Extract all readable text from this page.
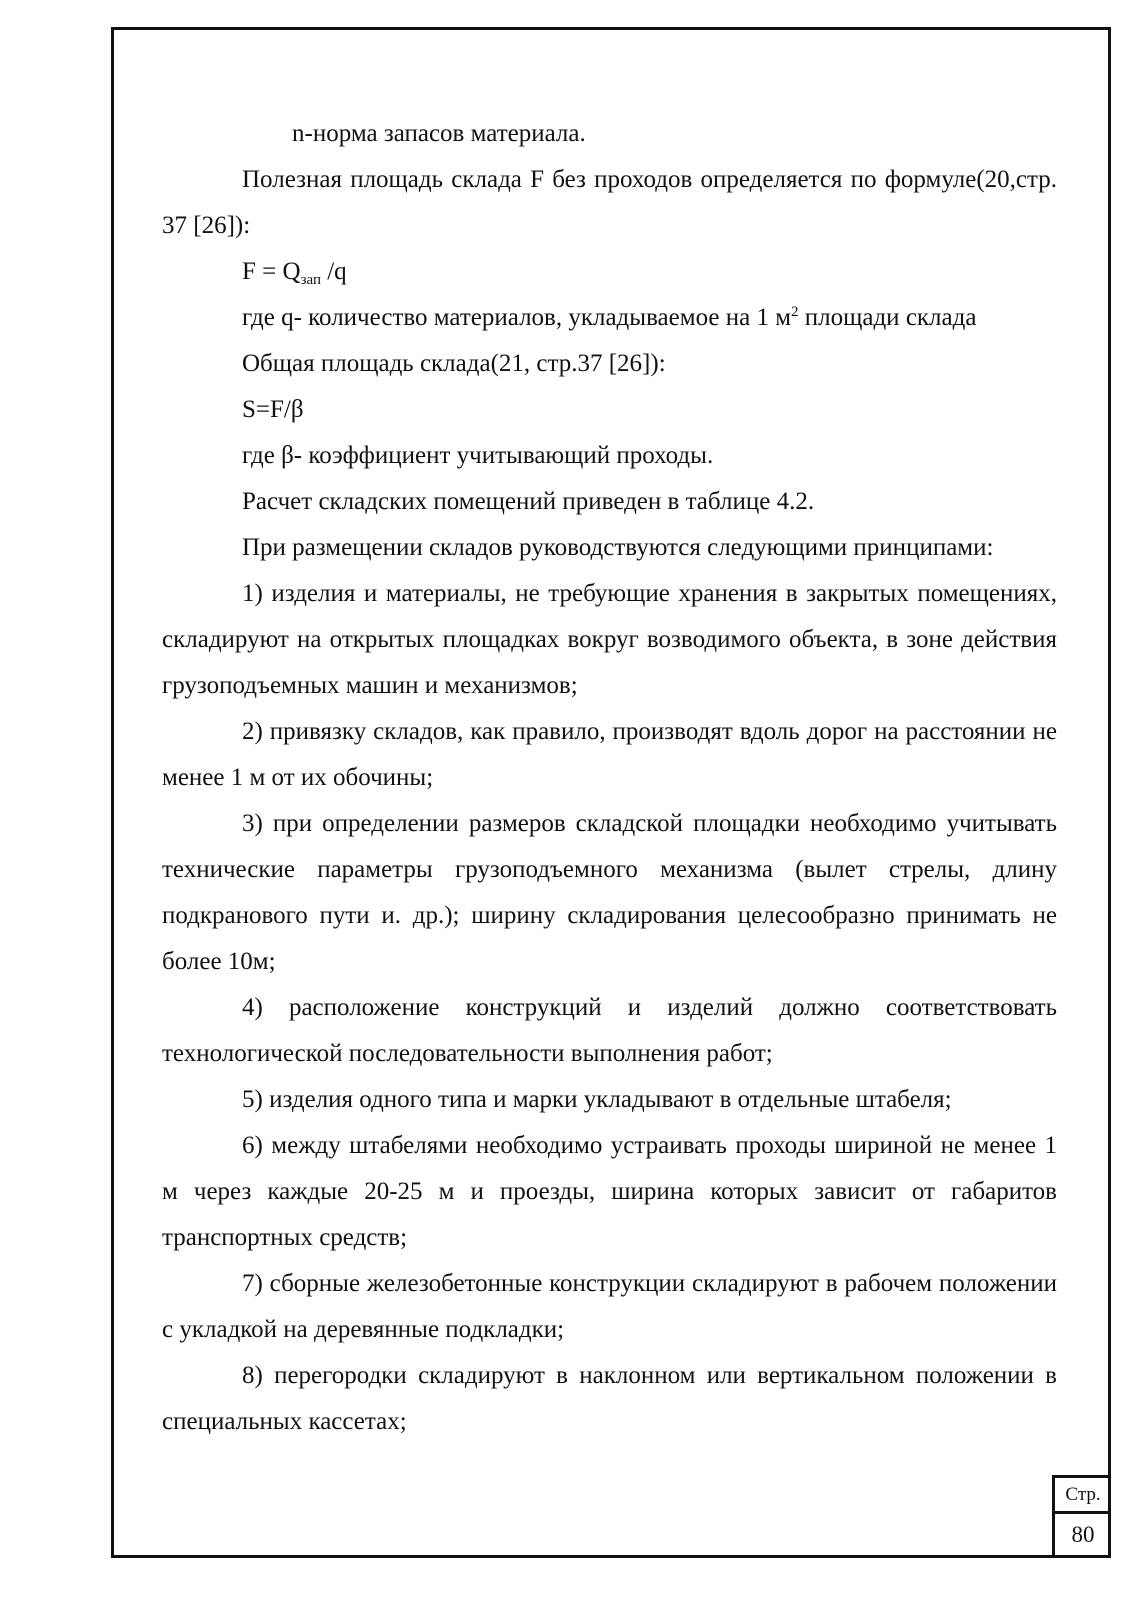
n-норма запасов материала.

Полезная площадь склада F без проходов определяется по формуле(20,стр. 37 [26]):

$F = Q_{зап}$ /q

где q- количество материалов, укладываемое на 1 $м^2$ площади склада

Общая площадь склада(21, стр.37 [26]):

S=F/β

где β- коэффициент учитывающий проходы.

Расчет складских помещений приведен в таблице 4.2.

При размещении складов руководствуются следующими принципами:

1) изделия и материалы, не требующие хранения в закрытых помещениях, складируют на открытых площадках вокруг возводимого объекта, в зоне действия грузоподъемных машин и механизмов;

2) привязку складов, как правило, производят вдоль дорог на расстоянии не менее 1 м от их обочины;

3) при определении размеров складской площадки необходимо учитывать технические параметры грузоподъемного механизма (вылет стрелы, длину подкранового пути и. др.); ширину складирования целесообразно принимать не более 10м;

4) расположение конструкций и изделий должно соответствовать технологической последовательности выполнения работ;

5) изделия одного типа и марки укладывают в отдельные штабеля;

6) между штабелями необходимо устраивать проходы шириной не менее 1 м через каждые 20-25 м и проезды, ширина которых зависит от габаритов транспортных средств;

7) сборные железобетонные конструкции складируют в рабочем положении с укладкой на деревянные подкладки;

8) перегородки складируют в наклонном или вертикальном положении в специальных кассетах;

Стр.
80
